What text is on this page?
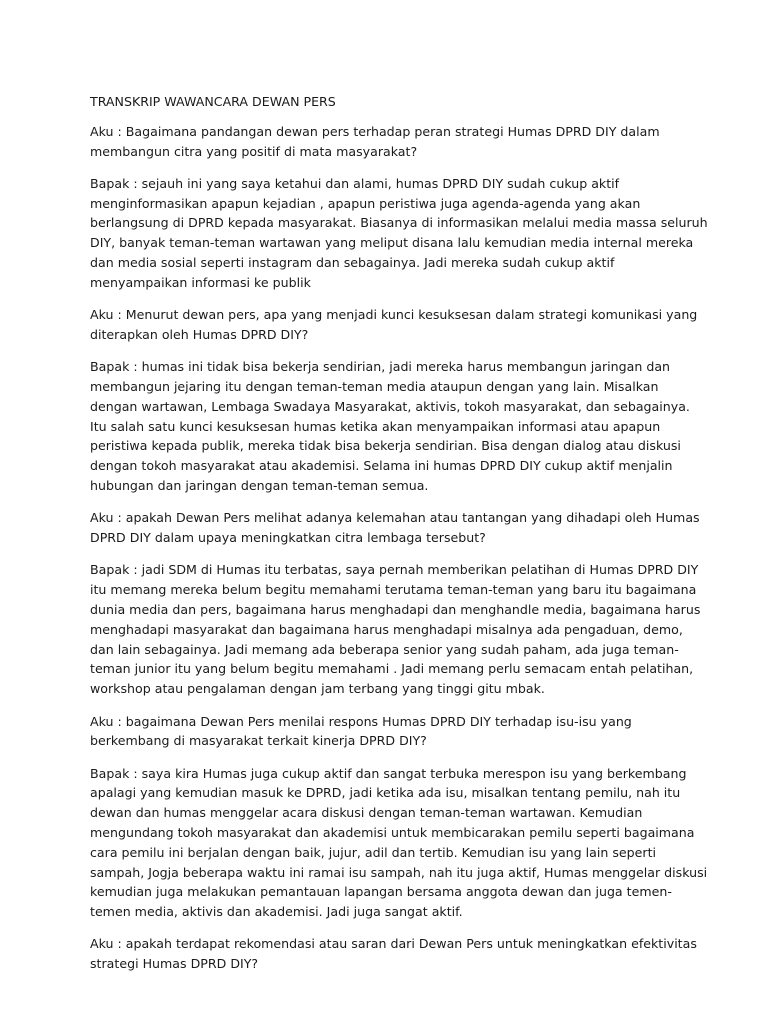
TRANSKRIP WAWANCARA DEWAN PERS

Aku : Bagaimana pandangan dewan pers terhadap peran strategi Humas DPRD DIY dalam membangun citra yang positif di mata masyarakat?

Bapak : sejauh ini yang saya ketahui dan alami, humas DPRD DIY sudah cukup aktif menginformasikan apapun kejadian , apapun peristiwa juga agenda-agenda yang akan berlangsung di DPRD kepada masyarakat. Biasanya di informasikan melalui media massa seluruh DIY, banyak teman-teman wartawan yang meliput disana lalu kemudian media internal mereka dan media sosial seperti instagram dan sebagainya. Jadi mereka sudah cukup aktif menyampaikan informasi ke publik

Aku : Menurut dewan pers, apa yang menjadi kunci kesuksesan dalam strategi komunikasi yang diterapkan oleh Humas DPRD DIY?

Bapak : humas ini tidak bisa bekerja sendirian, jadi mereka harus membangun jaringan dan membangun jejaring itu dengan teman-teman media ataupun dengan yang lain. Misalkan dengan wartawan, Lembaga Swadaya Masyarakat, aktivis, tokoh masyarakat, dan sebagainya. Itu salah satu kunci kesuksesan humas ketika akan menyampaikan informasi atau apapun peristiwa kepada publik, mereka tidak bisa bekerja sendirian. Bisa dengan dialog atau diskusi dengan tokoh masyarakat atau akademisi. Selama ini humas DPRD DIY cukup aktif menjalin hubungan dan jaringan dengan teman-teman semua.

Aku : apakah Dewan Pers melihat adanya kelemahan atau tantangan yang dihadapi oleh Humas DPRD DIY dalam upaya meningkatkan citra lembaga tersebut?

Bapak : jadi SDM di Humas itu terbatas, saya pernah memberikan pelatihan di Humas DPRD DIY itu memang mereka belum begitu memahami terutama teman-teman yang baru itu bagaimana dunia media dan pers, bagaimana harus menghadapi dan menghandle media, bagaimana harus menghadapi masyarakat dan bagaimana harus menghadapi misalnya ada pengaduan, demo, dan lain sebagainya. Jadi memang ada beberapa senior yang sudah paham, ada juga teman-teman junior itu yang belum begitu memahami . Jadi memang perlu semacam entah pelatihan, workshop atau pengalaman dengan jam terbang yang tinggi gitu mbak.

Aku : bagaimana Dewan Pers menilai respons Humas DPRD DIY terhadap isu-isu yang berkembang di masyarakat terkait kinerja DPRD DIY?

Bapak : saya kira Humas juga cukup aktif dan sangat terbuka merespon isu yang berkembang apalagi yang kemudian masuk ke DPRD, jadi ketika ada isu, misalkan tentang pemilu, nah itu dewan dan humas menggelar acara diskusi dengan teman-teman wartawan. Kemudian mengundang tokoh masyarakat dan akademisi untuk membicarakan pemilu seperti bagaimana cara pemilu ini berjalan dengan baik, jujur, adil dan tertib. Kemudian isu yang lain seperti sampah, Jogja beberapa waktu ini ramai isu sampah, nah itu juga aktif, Humas menggelar diskusi kemudian juga melakukan pemantauan lapangan bersama anggota dewan dan juga temen-temen media, aktivis dan akademisi. Jadi juga sangat aktif.

Aku : apakah terdapat rekomendasi atau saran dari Dewan Pers untuk meningkatkan efektivitas strategi Humas DPRD DIY?
